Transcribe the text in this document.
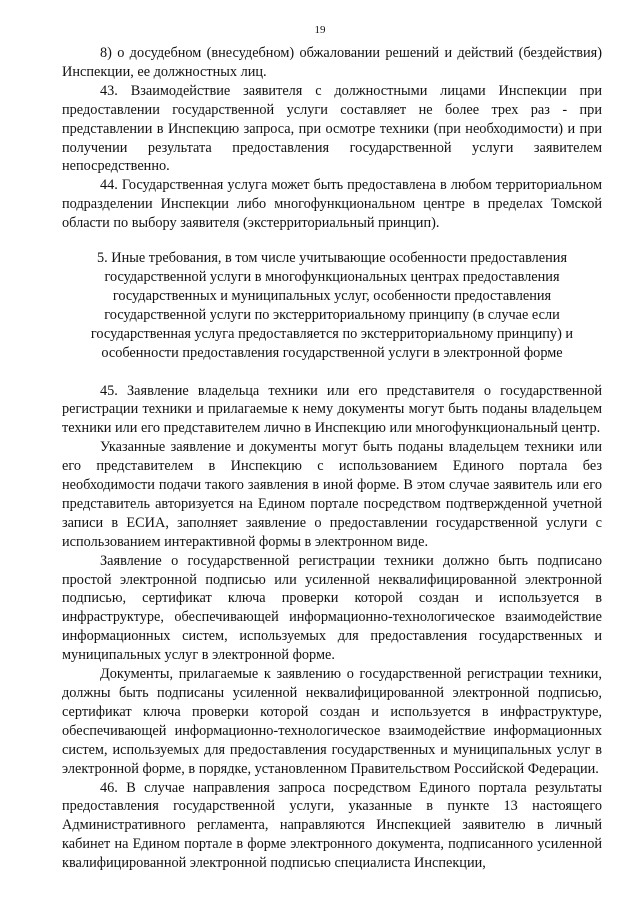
19

8) о досудебном (внесудебном) обжаловании решений и действий (бездействия) Инспекции, ее должностных лиц.

43. Взаимодействие заявителя с должностными лицами Инспекции при предоставлении государственной услуги составляет не более трех раз - при представлении в Инспекцию запроса, при осмотре техники (при необходимости) и при получении результата предоставления государственной услуги заявителем непосредственно.

44. Государственная услуга может быть предоставлена в любом территориальном подразделении Инспекции либо многофункциональном центре в пределах Томской области по выбору заявителя (экстерриториальный принцип).

5. Иные требования, в том числе учитывающие особенности предоставления государственной услуги в многофункциональных центрах предоставления государственных и муниципальных услуг, особенности предоставления государственной услуги по экстерриториальному принципу (в случае если государственная услуга предоставляется по экстерриториальному принципу) и особенности предоставления государственной услуги в электронной форме

45. Заявление владельца техники или его представителя о государственной регистрации техники и прилагаемые к нему документы могут быть поданы владельцем техники или его представителем лично в Инспекцию или многофункциональный центр.

Указанные заявление и документы могут быть поданы владельцем техники или его представителем в Инспекцию с использованием Единого портала без необходимости подачи такого заявления в иной форме. В этом случае заявитель или его представитель авторизуется на Едином портале посредством подтвержденной учетной записи в ЕСИА, заполняет заявление о предоставлении государственной услуги с использованием интерактивной формы в электронном виде.

Заявление о государственной регистрации техники должно быть подписано простой электронной подписью или усиленной неквалифицированной электронной подписью, сертификат ключа проверки которой создан и используется в инфраструктуре, обеспечивающей информационно-технологическое взаимодействие информационных систем, используемых для предоставления государственных и муниципальных услуг в электронной форме.

Документы, прилагаемые к заявлению о государственной регистрации техники, должны быть подписаны усиленной неквалифицированной электронной подписью, сертификат ключа проверки которой создан и используется в инфраструктуре, обеспечивающей информационно-технологическое взаимодействие информационных систем, используемых для предоставления государственных и муниципальных услуг в электронной форме, в порядке, установленном Правительством Российской Федерации.

46. В случае направления запроса посредством Единого портала результаты предоставления государственной услуги, указанные в пункте 13 настоящего Административного регламента, направляются Инспекцией заявителю в личный кабинет на Едином портале в форме электронного документа, подписанного усиленной квалифицированной электронной подписью специалиста Инспекции,
